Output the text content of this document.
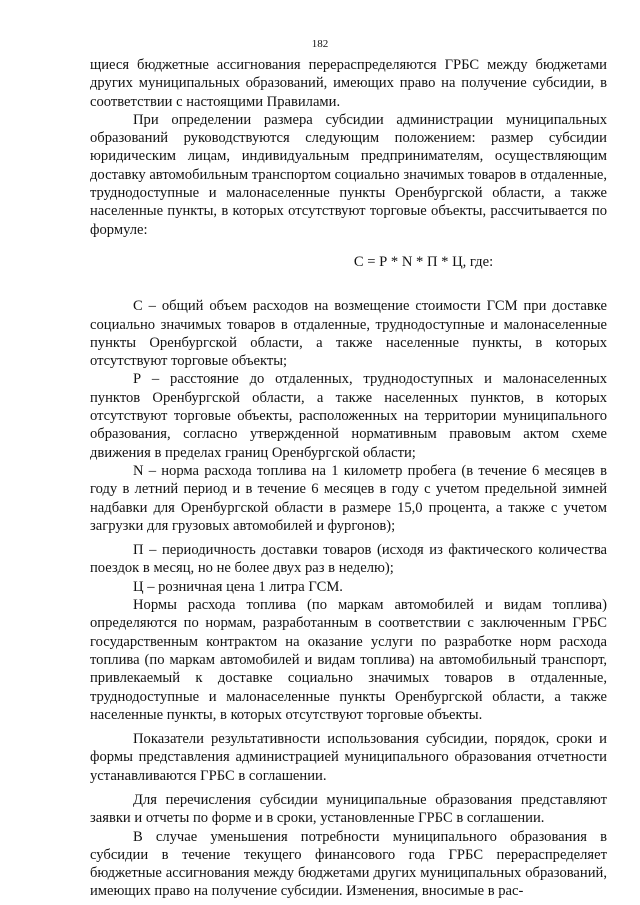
182

щиеся бюджетные ассигнования перераспределяются ГРБС между бюджетами других муниципальных образований, имеющих право на получение субсидии, в соответствии с настоящими Правилами.

При определении размера субсидии администрации муниципальных образований руководствуются следующим положением: размер субсидии юридическим лицам, индивидуальным предпринимателям, осуществляющим доставку автомобильным транспортом социально значимых товаров в отдаленные, труднодоступные и малонаселенные пункты Оренбургской области, а также населенные пункты, в которых отсутствуют торговые объекты, рассчитывается по формуле:

С = Р * N * П * Ц, где:

С – общий объем расходов на возмещение стоимости ГСМ при доставке социально значимых товаров в отдаленные, труднодоступные и малонаселенные пункты Оренбургской области, а также населенные пункты, в которых отсутствуют торговые объекты;

Р – расстояние до отдаленных, труднодоступных и малонаселенных пунктов Оренбургской области, а также населенных пунктов, в которых отсутствуют торговые объекты, расположенных на территории муниципального образования, согласно утвержденной нормативным правовым актом схеме движения в пределах границ Оренбургской области;

N – норма расхода топлива на 1 километр пробега (в течение 6 месяцев в году в летний период и в течение 6 месяцев в году с учетом предельной зимней надбавки для Оренбургской области в размере 15,0 процента, а также с учетом загрузки для грузовых автомобилей и фургонов);

П – периодичность доставки товаров (исходя из фактического количества поездок в месяц, но не более двух раз в неделю);

Ц – розничная цена 1 литра ГСМ.

Нормы расхода топлива (по маркам автомобилей и видам топлива) определяются по нормам, разработанным в соответствии с заключенным ГРБС государственным контрактом на оказание услуги по разработке норм расхода топлива (по маркам автомобилей и видам топлива) на автомобильный транспорт, привлекаемый к доставке социально значимых товаров в отдаленные, труднодоступные и малонаселенные пункты Оренбургской области, а также населенные пункты, в которых отсутствуют торговые объекты.

Показатели результативности использования субсидии, порядок, сроки и формы представления администрацией муниципального образования отчетности устанавливаются ГРБС в соглашении.

Для перечисления субсидии муниципальные образования представляют заявки и отчеты по форме и в сроки, установленные ГРБС в соглашении.

В случае уменьшения потребности муниципального образования в субсидии в течение текущего финансового года ГРБС перераспределяет бюджетные ассигнования между бюджетами других муниципальных образований, имеющих право на получение субсидии. Изменения, вносимые в рас-
